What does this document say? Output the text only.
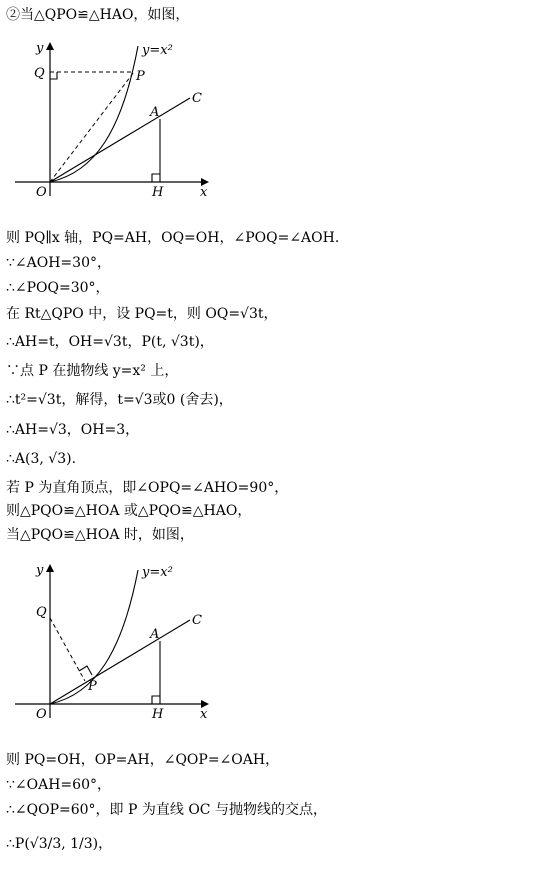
②当△QPO≌△HAO，如图，
y
x
O
Q	P
A
C
H
y=x²
则 PQ∥x 轴，PQ=AH，OQ=OH，∠POQ=∠AOH.
∵∠AOH=30°，
∴∠POQ=30°，
在 Rt△QPO 中，设 PQ=t，则 OQ=√3t，
∴AH=t，OH=√3t，P(t, √3t)，
∵点 P 在抛物线 y=x² 上，
∴t²=√3t，解得，t=√3或0 (舍去)，
∴AH=√3，OH=3，
∴A(3, √3).
若 P 为直角顶点，即∠OPQ=∠AHO=90°，
则△PQO≌△HOA 或△PQO≌△HAO，
当△PQO≌△HOA 时，如图，
y
x
O
Q
P
A
C
H
y=x²
则 PQ=OH，OP=AH，∠QOP=∠OAH，
∵∠OAH=60°，
∴∠QOP=60°，即 P 为直线 OC 与抛物线的交点，
∴P(√3/3, 1/3)，
